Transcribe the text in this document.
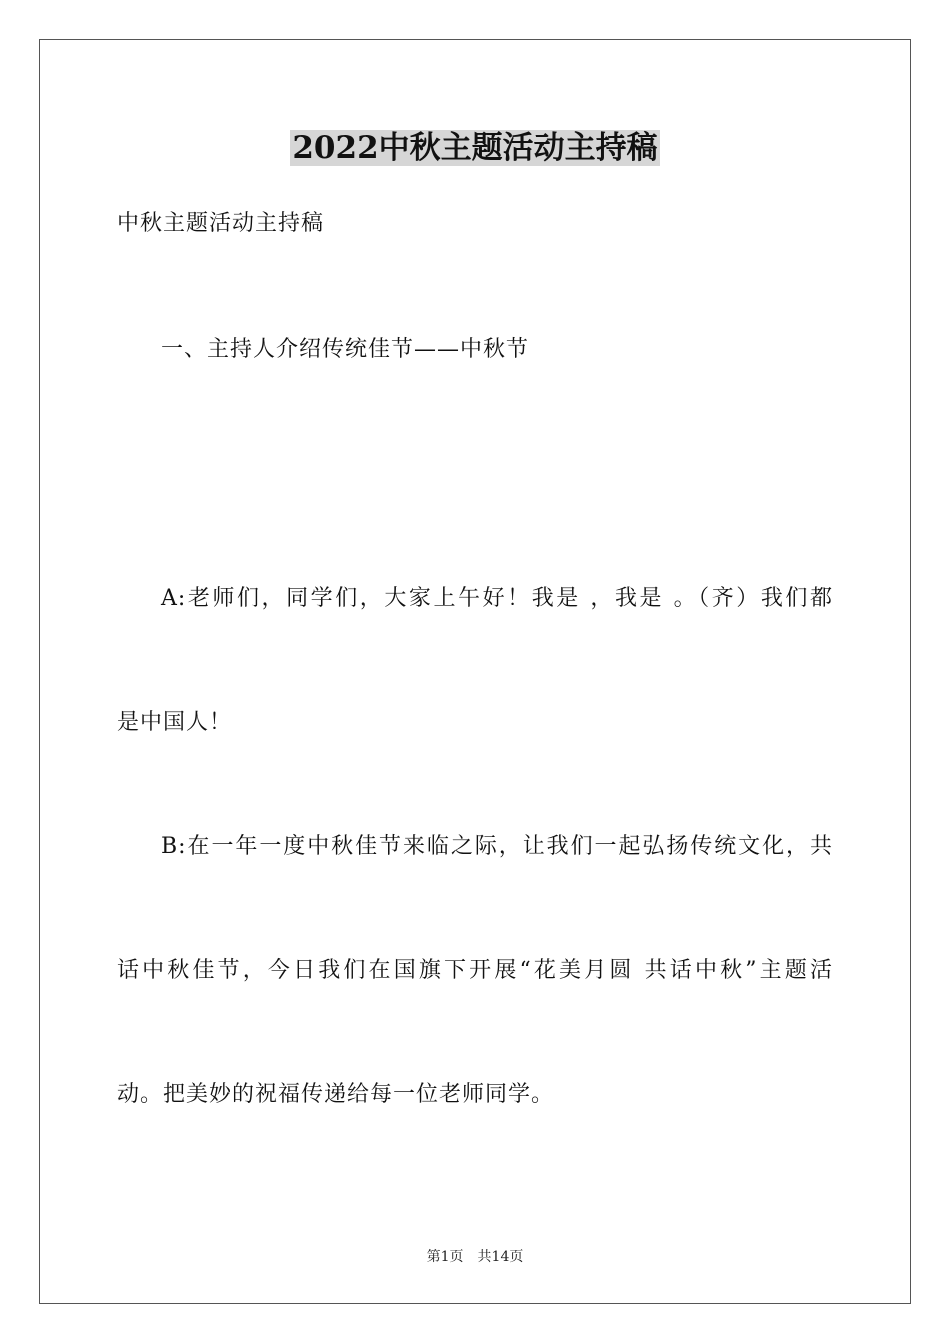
2022中秋主题活动主持稿
中秋主题活动主持稿
一、主持人介绍传统佳节——中秋节
A:老师们，同学们，大家上午好！我是 ，我是 。（齐）我们都
是中国人！
B:在一年一度中秋佳节来临之际，让我们一起弘扬传统文化，共
话中秋佳节，今日我们在国旗下开展“花美月圆 共话中秋”主题活
动。把美妙的祝福传递给每一位老师同学。
第1页　共14页
